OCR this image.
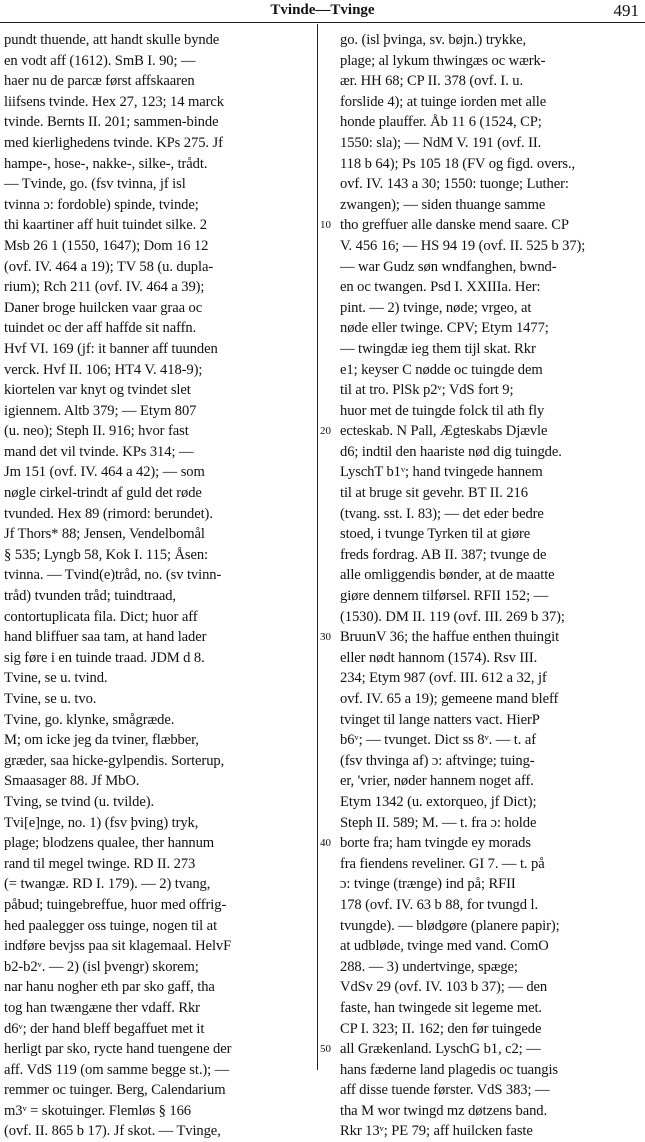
Tvinde—Tvinge	491
pundt thuende, att handt skulle bynde
en vodt aff (1612). SmB I. 90; —
haer nu de parcæ først affskaaren
liifsens tvinde. Hex 27, 123; 14 marck
tvinde. Bernts II. 201; sammen-binde
med kierlighedens tvinde. KPs 275. Jf
hampe-, hose-, nakke-, silke-, trådt.
— Tvinde, go. (fsv tvinna, jf isl
tvinna ɔ: fordoble) spinde, tvinde;
thi kaartiner aff huit tuindet silke. 2
Msb 26 1 (1550, 1647); Dom 16 12
(ovf. IV. 464 a 19); TV 58 (u. dupla-
rium); Rch 211 (ovf. IV. 464 a 39);
Daner broge huilcken vaar graa oc
tuindet oc der aff haffde sit naffn.
Hvf VI. 169 (jf: it banner aff tuunden
verck. Hvf II. 106; HT4 V. 418-9);
kiortelen var knyt og tvindet slet
igiennem. Altb 379; — Etym 807
(u. neo); Steph II. 916; hvor fast
mand det vil tvinde. KPs 314; —
Jm 151 (ovf. IV. 464 a 42); — som
nøgle cirkel-trindt af guld det røde
tvunded. Hex 89 (rimord: berundet).
Jf Thors* 88; Jensen, Vendelbomål
§ 535; Lyngb 58, Kok I. 115; Åsen:
tvinna. — Tvind(e)tråd, no. (sv tvinn-
tråd) tvunden tråd; tuindtraad,
contortuplicata fila. Dict; huor aff
hand bliffuer saa tam, at hand lader
sig føre i en tuinde traad. JDM d 8.
Tvine, se u. tvind.
Tvine, se u. tvo.
Tvine, go. klynke, smågræde.
M; om icke jeg da tviner, flæbber,
græder, saa hicke-gylpendis. Sorterup,
Smaasager 88. Jf MbO.
Tving, se tvind (u. tvilde).
Tvi[e]nge, no. 1) (fsv þving) tryk,
plage; blodzens qualee, ther hannum
rand til megel twinge. RD II. 273
(= twangæ. RD I. 179). — 2) tvang,
påbud; tuingebreffue, huor med offrig-
hed paalegger oss tuinge, nogen til at
indføre bevjss paa sit klagemaal. HelvF
b2-b2ᵛ. — 2) (isl þvengr) skorem;
nar hanu nogher eth par sko gaff, tha
tog han twængæne ther vdaff. Rkr
d6ᵛ; der hand bleff begaffuet met it
herligt par sko, rycte hand tuengene der
aff. VdS 119 (om samme begge st.); —
remmer oc tuinger. Berg, Calendarium
m3ᵛ = skotuinger. Flemløs § 166
(ovf. II. 865 b 17). Jf skot. — Tvinge,
go. (isl þvinga, sv. bøjn.) trykke,
plage; al lykum thwingæs oc wærk-
ær. HH 68; CP II. 378 (ovf. I. u.
forslide 4); at tuinge iorden met alle
honde plauffer. Åb 11 6 (1524, CP;
1550: sla); — NdM V. 191 (ovf. II.
118 b 64); Ps 105 18 (FV og figd. overs.,
ovf. IV. 143 a 30; 1550: tuonge; Luther:
zwangen); — siden thuange samme
tho greffuer alle danske mend saare. CP
V. 456 16; — HS 94 19 (ovf. II. 525 b 37);
— war Gudz søn wndfanghen, bwnd-
en oc twangen. Psd I. XXIIIa. Her:
pint. — 2) tvinge, nøde; vrgeo, at
nøde eller twinge. CPV; Etym 1477;
— twingdæ ieg them tijl skat. Rkr
e1; keyser C nødde oc tuingde dem
til at tro. PlSk p2ᵛ; VdS fort 9;
huor met de tuingde folck til ath fly
ecteskab. N Pall, Ægteskabs Djævle
d6; indtil den haariste nød dig tuingde.
LyschT b1ᵛ; hand tvingede hannem
til at bruge sit gevehr. BT II. 216
(tvang. sst. I. 83); — det eder bedre
stoed, i tvunge Tyrken til at giøre
freds fordrag. AB II. 387; tvunge de
alle omliggendis bønder, at de maatte
giøre dennem tilførsel. RFII 152; —
(1530). DM II. 119 (ovf. III. 269 b 37);
BruunV 36; the haffue enthen thuingit
eller nødt hannom (1574). Rsv III.
234; Etym 987 (ovf. III. 612 a 32, jf
ovf. IV. 65 a 19); gemeene mand bleff
tvinget til lange natters vact. HierP
b6ᵛ; — tvunget. Dict ss 8ᵛ. — t. af
(fsv thvinga af) ɔ: aftvinge; tuing-
er, 'vrier, nøder hannem noget aff.
Etym 1342 (u. extorqueo, jf Dict);
Steph II. 589; M. — t. fra ɔ: holde
borte fra; ham tvingde ey morads
fra fiendens reveliner. GI 7. — t. på
ɔ: tvinge (trænge) ind på; RFII
178 (ovf. IV. 63 b 88, for tvungd l.
tvungde). — blødgøre (planere papir);
at udbløde, tvinge med vand. ComO
288. — 3) undertvinge, spæge;
VdSv 29 (ovf. IV. 103 b 37); — den
faste, han twingede sit legeme met.
CP I. 323; II. 162; den før tuingede
all Grækenland. LyschG b1, c2; —
hans fæderne land plagedis oc tuangis
aff disse tuende førster. VdS 383; —
tha M wor twingd mz døtzens band.
Rkr 13ᵛ; PE 79; aff huilcken faste
10
20
30
40
50
